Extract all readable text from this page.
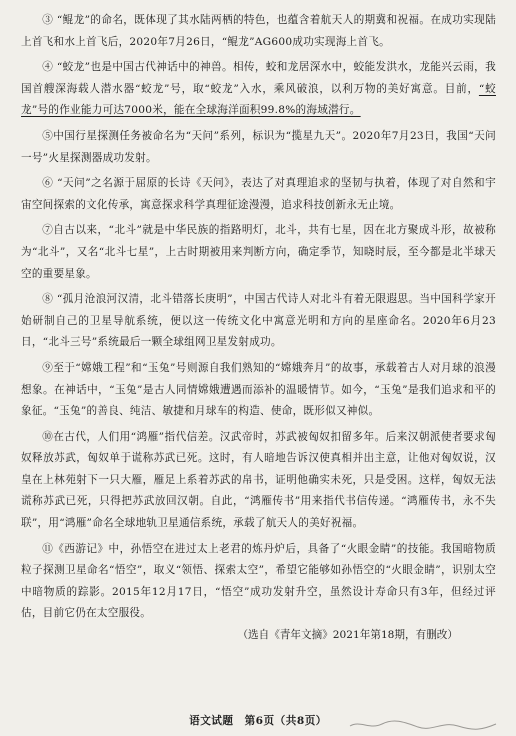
③ “鲲龙”的命名，既体现了其水陆两栖的特色，也蕴含着航天人的期冀和祝福。在成功实现陆上首飞和水上首飞后，2020年7月26日，“鲲龙”AG600成功实现海上首飞。

④ “蛟龙”也是中国古代神话中的神兽。相传，蛟和龙居深水中，蛟能发洪水，龙能兴云雨，我国首艘深海载人潜水器“蛟龙”号，取“蛟龙”入水，乘风破浪，以利万物的美好寓意。目前，“蛟龙”号的作业能力可达7000米，能在全球海洋面积99.8%的海域潜行。

⑤中国行星探测任务被命名为“天问”系列，标识为“揽星九天”。2020年7月23日，我国“天问一号”火星探测器成功发射。

⑥ “天问”之名源于屈原的长诗《天问》，表达了对真理追求的坚韧与执着，体现了对自然和宇宙空间探索的文化传承，寓意探求科学真理征途漫漫，追求科技创新永无止境。

⑦自古以来，“北斗”就是中华民族的指路明灯，北斗，共有七星，因在北方聚成斗形，故被称为“北斗”，又名“北斗七星”，上古时期被用来判断方向，确定季节，知晓时辰，至今都是北半球天空的重要星象。

⑧ “孤月沧浪河汉清，北斗错落长庚明”，中国古代诗人对北斗有着无限遐思。当中国科学家开始研制自己的卫星导航系统，便以这一传统文化中寓意光明和方向的星座命名。2020年6月23日，“北斗三号”系统最后一颗全球组网卫星发射成功。

⑨至于“嫦娥工程”和“玉兔”号则源自我们熟知的“嫦娥奔月”的故事，承载着古人对月球的浪漫想象。在神话中，“玉兔”是古人同情嫦娥遭遇而添补的温暖情节。如今，“玉兔”是我们追求和平的象征。“玉兔”的善良、纯洁、敏捷和月球车的构造、使命，既形似又神似。

⑩在古代，人们用“鸿雁”指代信差。汉武帝时，苏武被匈奴扣留多年。后来汉朝派使者要求匈奴释放苏武，匈奴单于谎称苏武已死。这时，有人暗地告诉汉使真相并出主意，让他对匈奴说，汉皇在上林苑射下一只大雁，雁足上系着苏武的帛书，证明他确实未死，只是受困。这样，匈奴无法谎称苏武已死，只得把苏武放回汉朝。自此，“鸿雁传书”用来指代书信传递。“鸿雁传书，永不失联”，用“鸿雁”命名全球地轨卫星通信系统，承载了航天人的美好祝福。

⑪《西游记》中，孙悟空在进过太上老君的炼丹炉后，具备了“火眼金睛”的技能。我国暗物质粒子探测卫星命名“悟空”，取义“领悟、探索太空”，希望它能够如孙悟空的“火眼金睛”，识别太空中暗物质的踪影。2015年12月17日，“悟空”成功发射升空，虽然设计寿命只有3年，但经过评估，目前它仍在太空服役。

（选自《青年文摘》2021年第18期，有删改）

语文试题　第6页（共8页）
